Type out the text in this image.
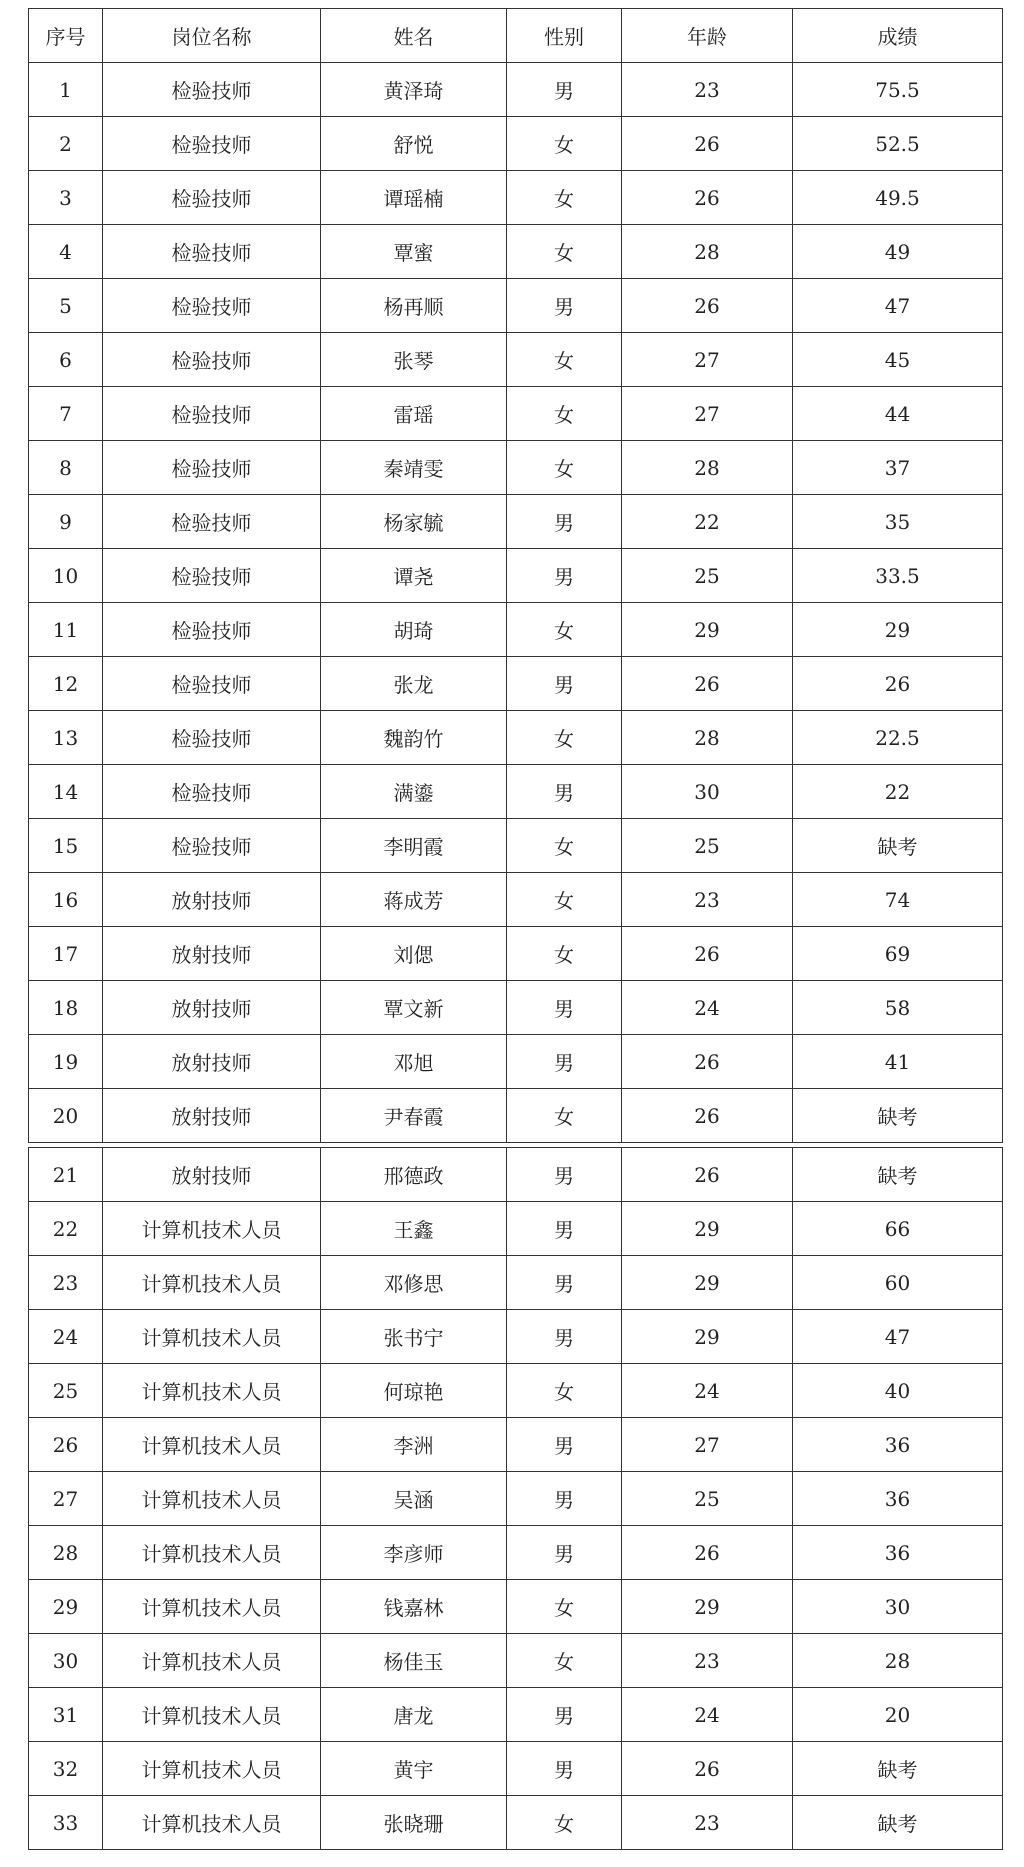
序号	岗位名称	姓名	性别	年龄	成绩
1	检验技师	黄泽琦	男	23	75.5
2	检验技师	舒悦	女	26	52.5
3	检验技师	谭瑶楠	女	26	49.5
4	检验技师	覃蜜	女	28	49
5	检验技师	杨再顺	男	26	47
6	检验技师	张琴	女	27	45
7	检验技师	雷瑶	女	27	44
8	检验技师	秦靖雯	女	28	37
9	检验技师	杨家毓	男	22	35
10	检验技师	谭尧	男	25	33.5
11	检验技师	胡琦	女	29	29
12	检验技师	张龙	男	26	26
13	检验技师	魏韵竹	女	28	22.5
14	检验技师	满鎏	男	30	22
15	检验技师	李明霞	女	25	缺考
16	放射技师	蒋成芳	女	23	74
17	放射技师	刘偲	女	26	69
18	放射技师	覃文新	男	24	58
19	放射技师	邓旭	男	26	41
20	放射技师	尹春霞	女	26	缺考
21	放射技师	邢德政	男	26	缺考
22	计算机技术人员	王鑫	男	29	66
23	计算机技术人员	邓修思	男	29	60
24	计算机技术人员	张书宁	男	29	47
25	计算机技术人员	何琼艳	女	24	40
26	计算机技术人员	李洲	男	27	36
27	计算机技术人员	吴涵	男	25	36
28	计算机技术人员	李彦师	男	26	36
29	计算机技术人员	钱嘉林	女	29	30
30	计算机技术人员	杨佳玉	女	23	28
31	计算机技术人员	唐龙	男	24	20
32	计算机技术人员	黄宇	男	26	缺考
33	计算机技术人员	张晓珊	女	23	缺考
